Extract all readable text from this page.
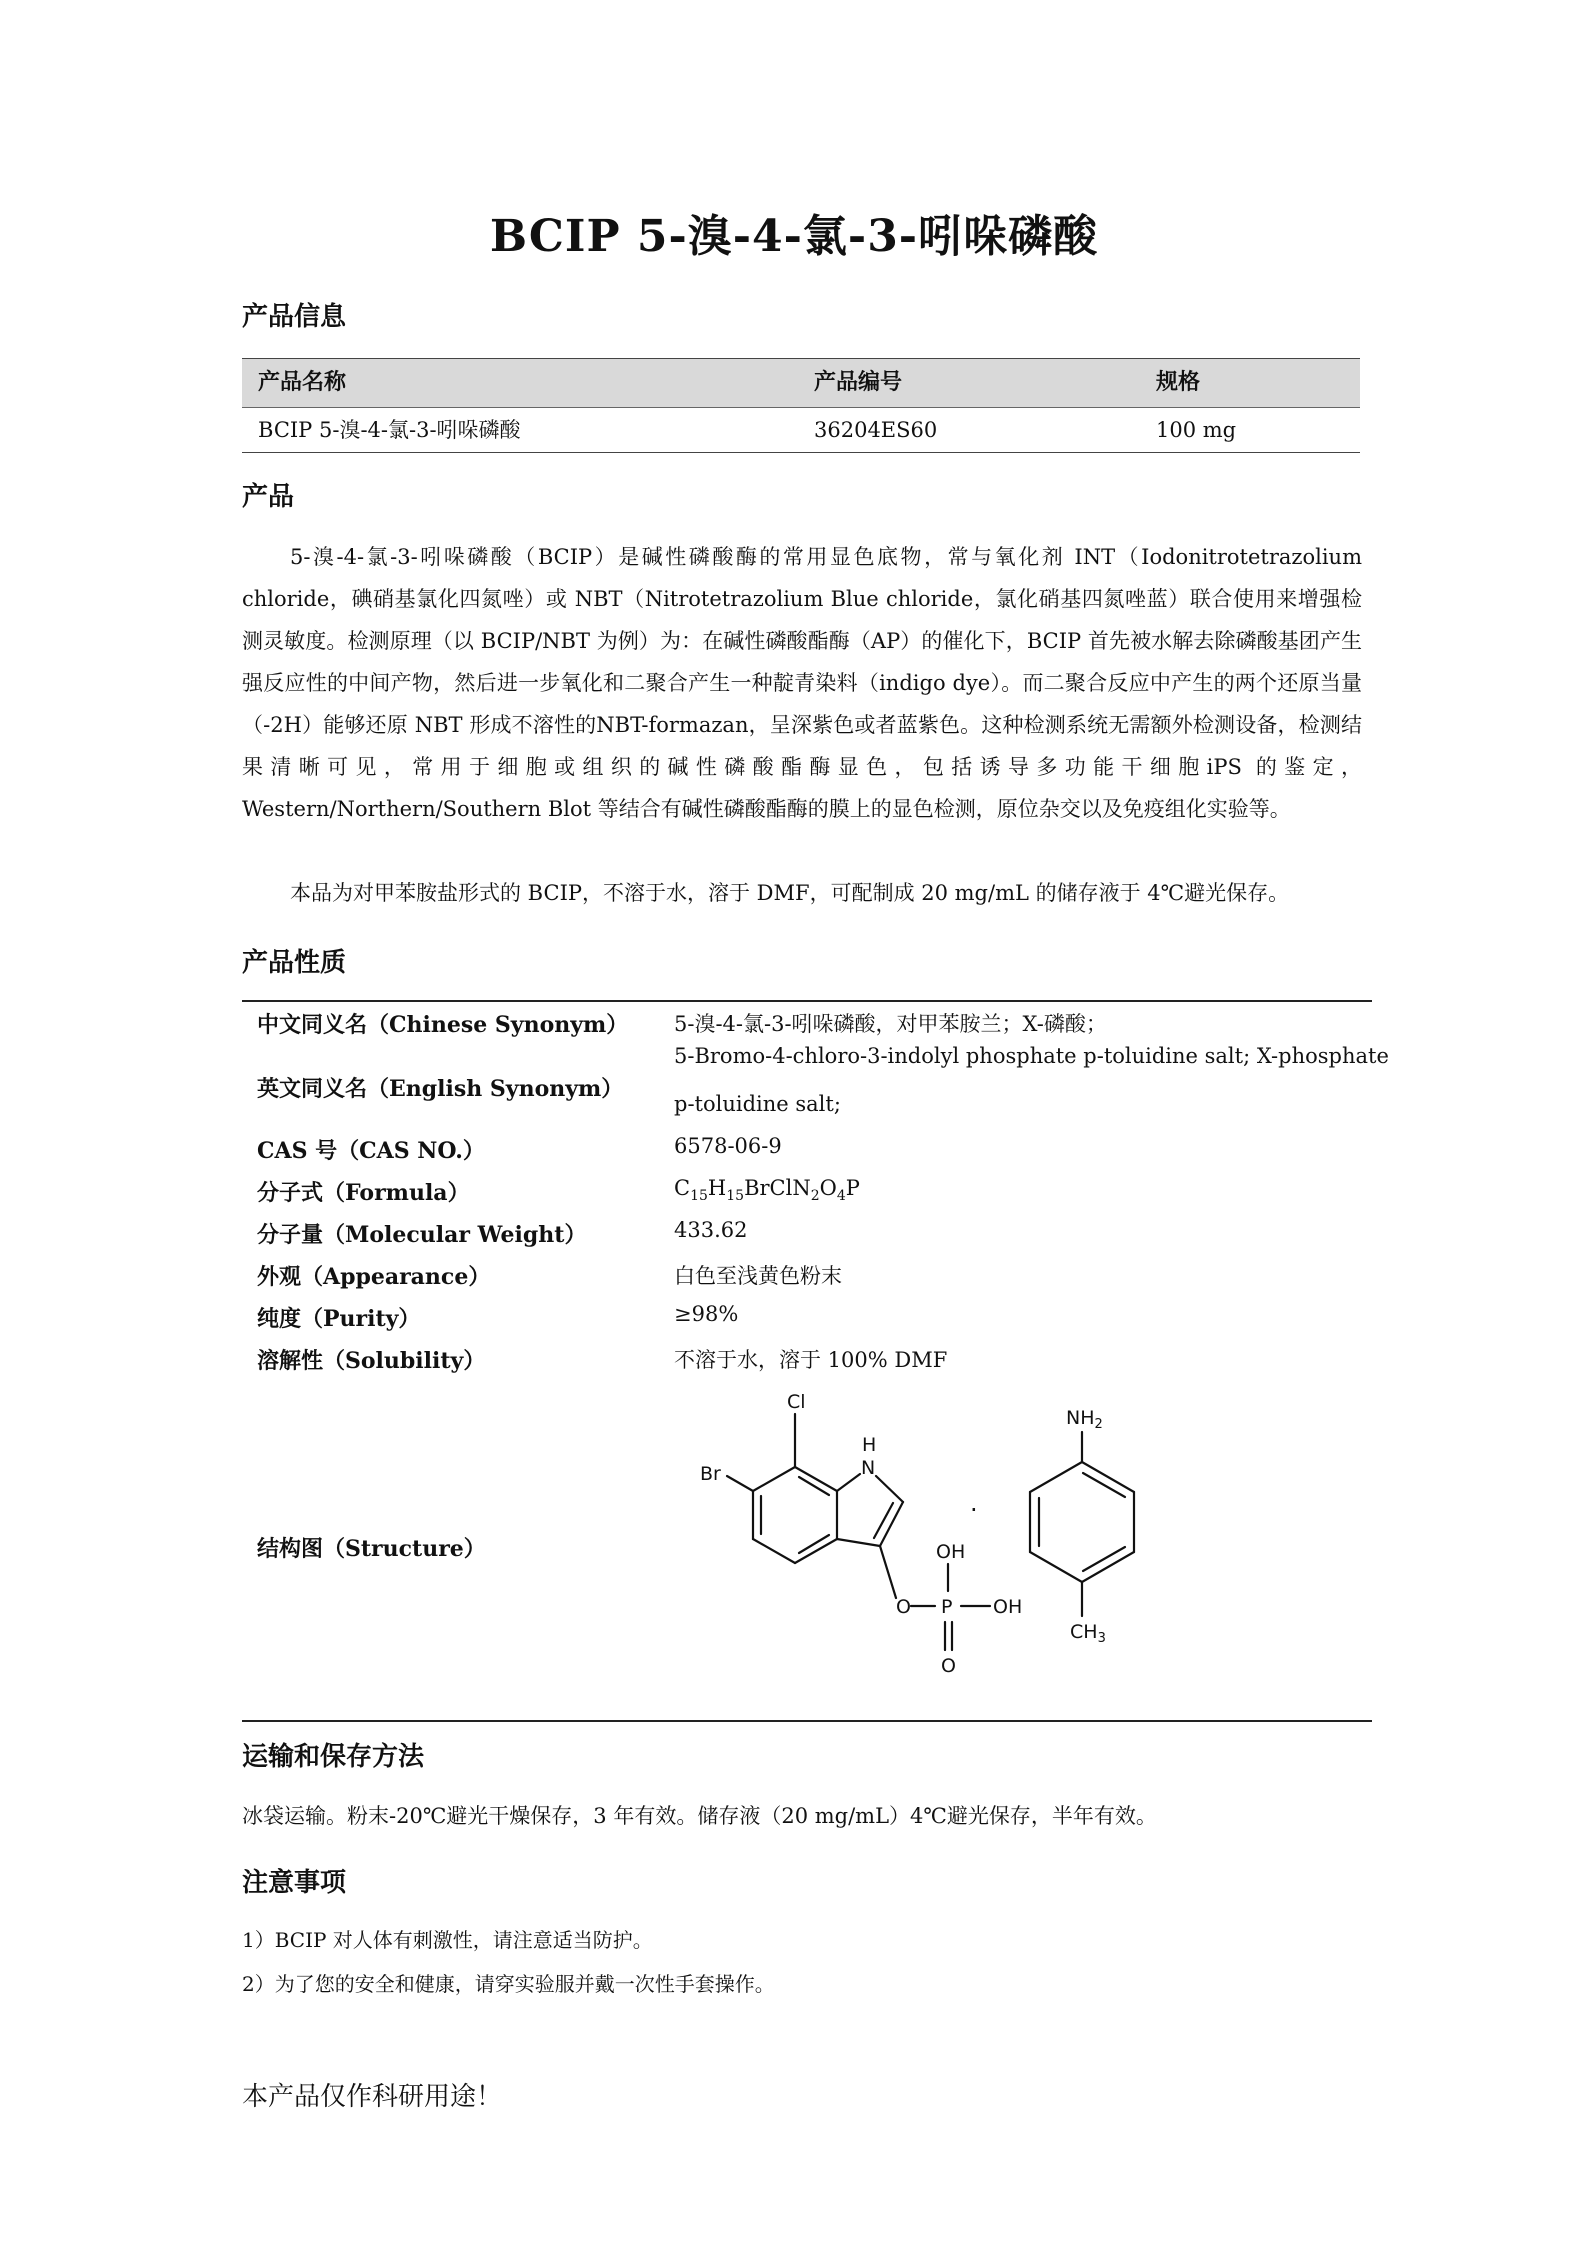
BCIP 5-溴-4-氯-3-吲哚磷酸
产品信息
产品名称	产品编号	规格
BCIP 5-溴-4-氯-3-吲哚磷酸	36204ES60	100 mg
产品
5-溴-4-氯-3-吲哚磷酸（BCIP）是碱性磷酸酶的常用显色底物，常与氧化剂 INT（Iodonitrotetrazolium chloride，碘硝基氯化四氮唑）或 NBT（Nitrotetrazolium Blue chloride，氯化硝基四氮唑蓝）联合使用来增强检测灵敏度。检测原理（以 BCIP/NBT 为例）为：在碱性磷酸酯酶（AP）的催化下，BCIP 首先被水解去除磷酸基团产生强反应性的中间产物，然后进一步氧化和二聚合产生一种靛青染料（indigo dye）。而二聚合反应中产生的两个还原当量（-2H）能够还原 NBT 形成不溶性的NBT-formazan，呈深紫色或者蓝紫色。这种检测系统无需额外检测设备，检测结果清晰可见，常用于细胞或组织的碱性磷酸酯酶显色，包括诱导多功能干细胞iPS 的鉴定，Western/Northern/Southern Blot 等结合有碱性磷酸酯酶的膜上的显色检测，原位杂交以及免疫组化实验等。
本品为对甲苯胺盐形式的 BCIP，不溶于水，溶于 DMF，可配制成 20 mg/mL 的储存液于 4℃避光保存。
产品性质
中文同义名（Chinese Synonym） 5-溴-4-氯-3-吲哚磷酸，对甲苯胺兰；X-磷酸；
英文同义名（English Synonym）
5-Bromo-4-chloro-3-indolyl phosphate p-toluidine salt; X-phosphate
p-toluidine salt;
CAS 号（CAS NO.）	6578-06-9
分子式（Formula）	$C_{15}H_{15}BrClN_2O_4P$
分子量（Molecular Weight）	433.62
外观（Appearance）	白色至浅黄色粉末
纯度（Purity）	≥98%
溶解性（Solubility）	不溶于水，溶于 100% DMF
结构图（Structure）
Cl
Br
H
N
O P
OH
OH
O
$NH_2$
$CH_3$
·
运输和保存方法
冰袋运输。粉末-20℃避光干燥保存，3 年有效。储存液（20 mg/mL）4℃避光保存，半年有效。
注意事项
1）BCIP 对人体有刺激性，请注意适当防护。
2）为了您的安全和健康，请穿实验服并戴一次性手套操作。
本产品仅作科研用途！
